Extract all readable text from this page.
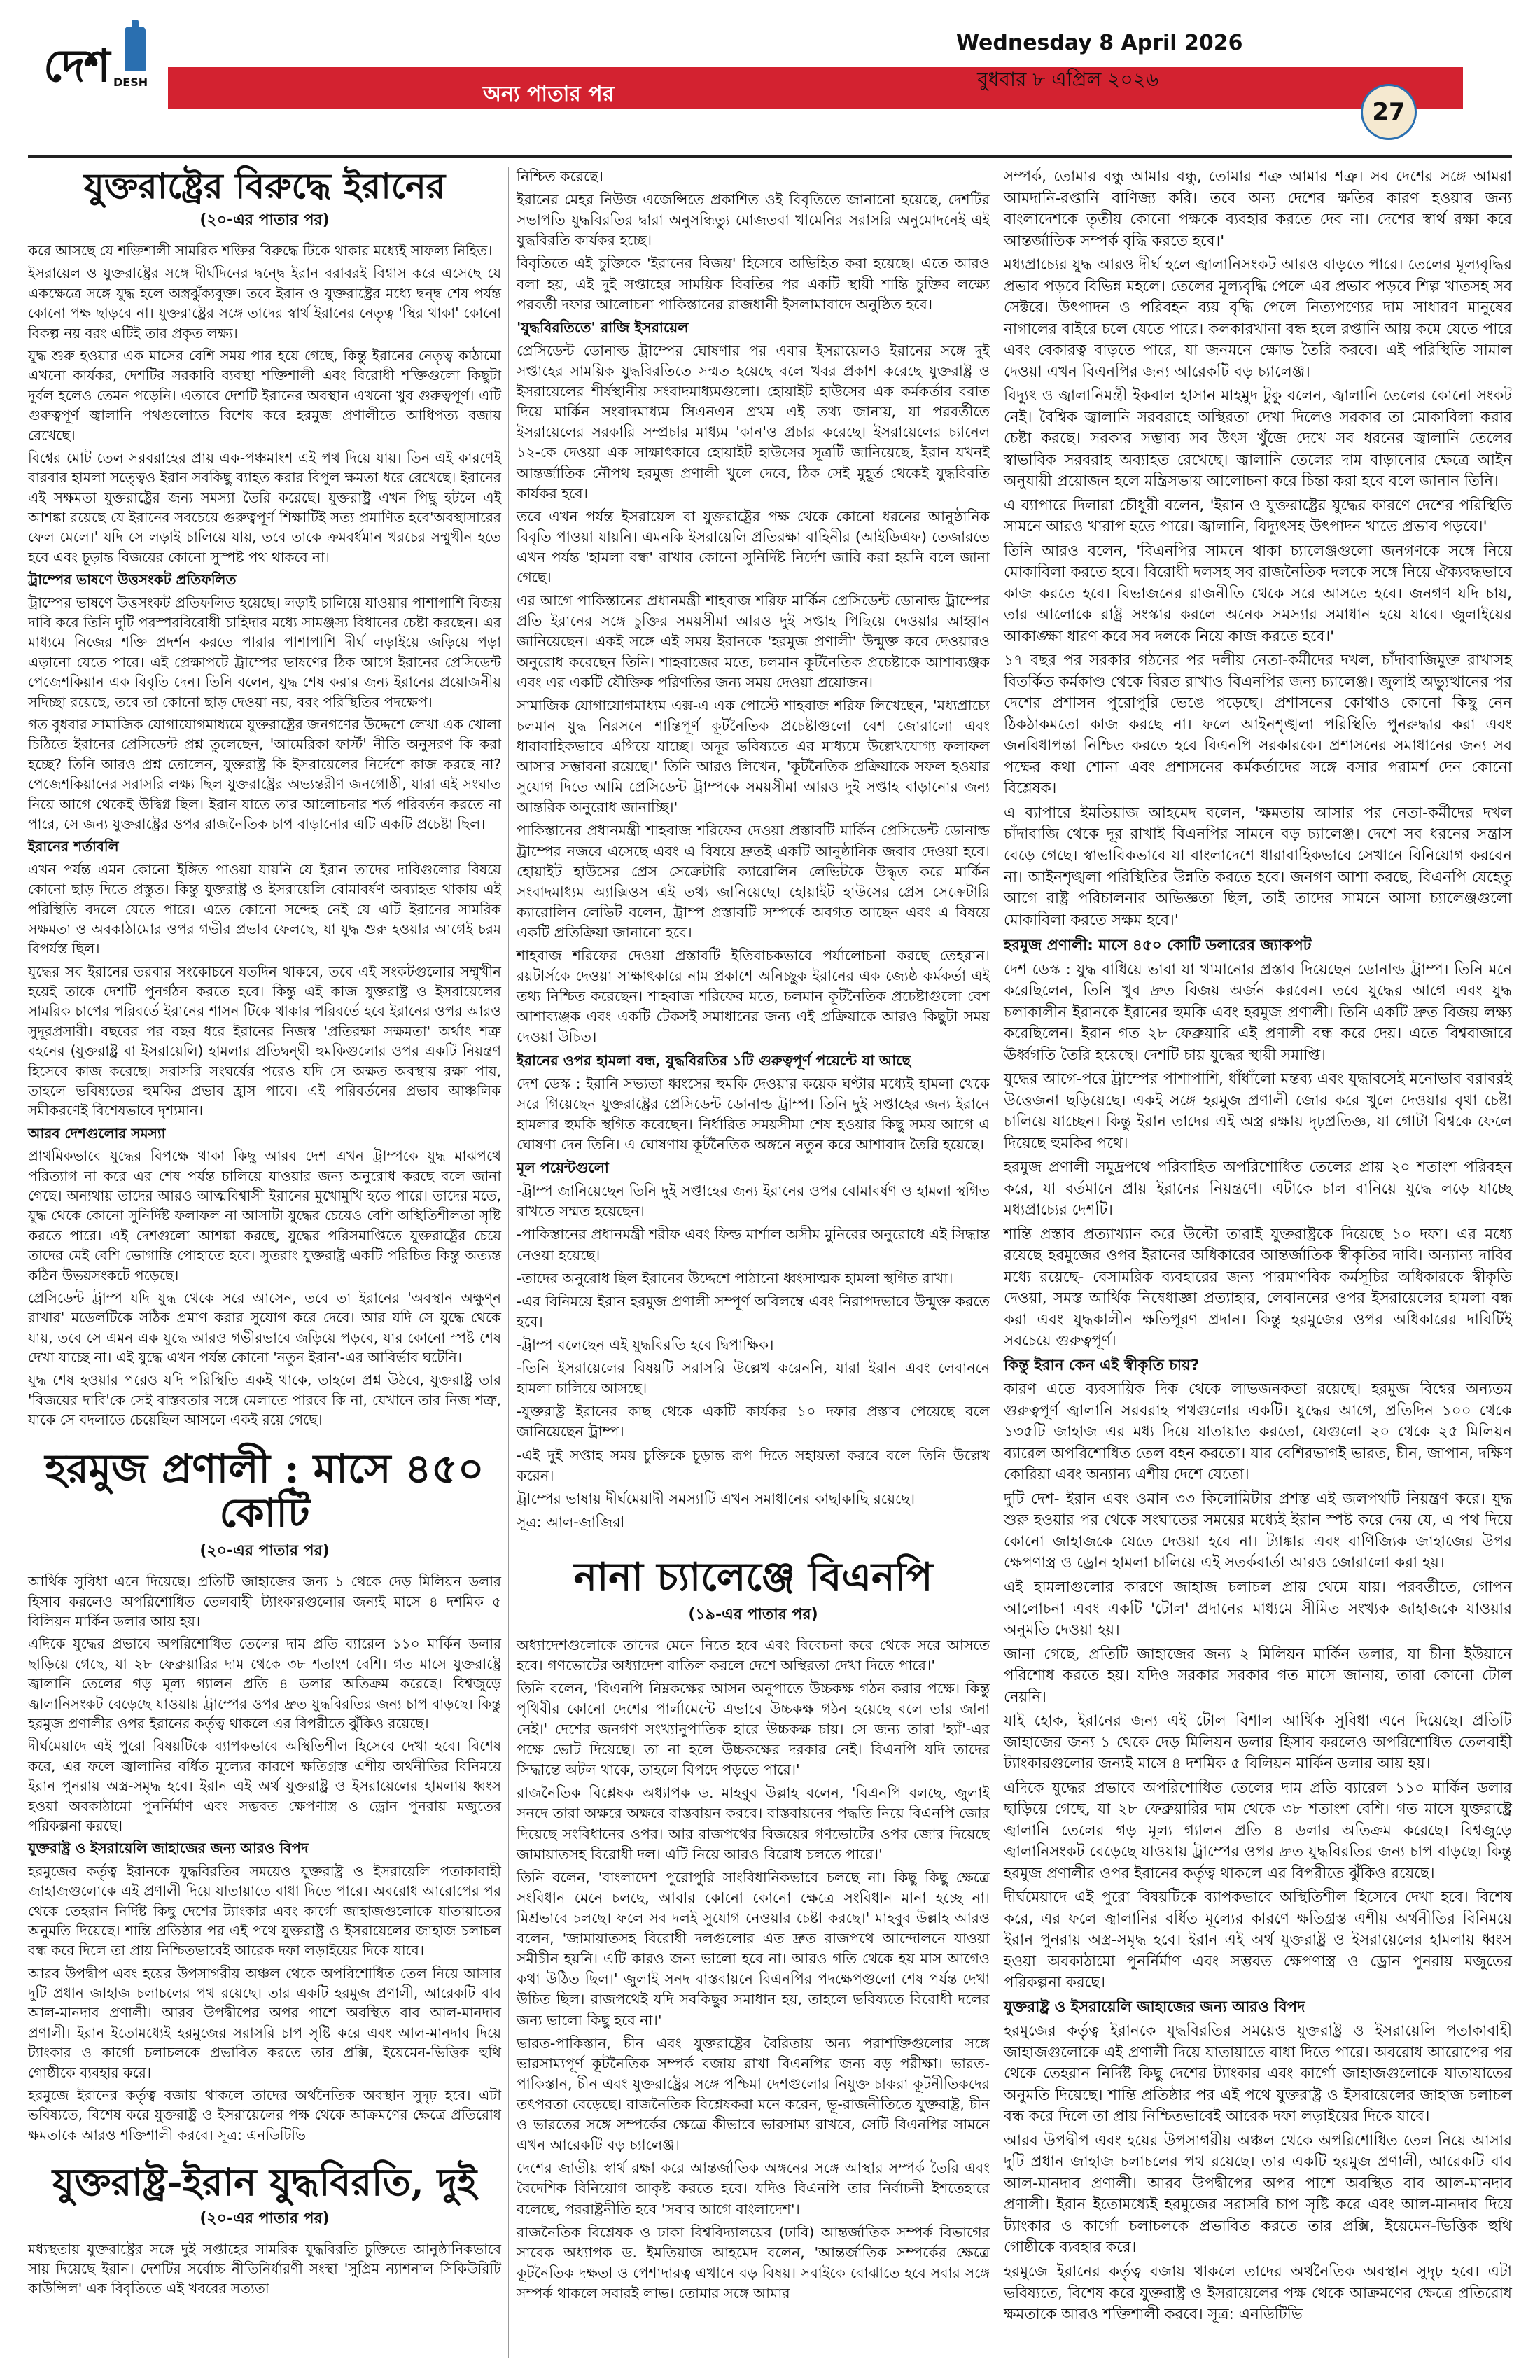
দেশ DESH	অন্য পাতার পর
Wednesday 8 April 2026
বুধবার ৮ এপ্রিল ২০২৬
27
যুক্তরাষ্ট্রের বিরুদ্ধে ইরানের
(২০-এর পাতার পর)

করে আসছে যে শক্তিশালী সামরিক শক্তির বিরুদ্ধে টিকে থাকার মধ্যেই সাফল্য নিহিত।

ইসরায়েল ও যুক্তরাষ্ট্রের সঙ্গে দীর্ঘদিনের দ্বন্দ্বে ইরান বরাবরই বিশ্বাস করে এসেছে যে একক্ষেত্রে সঙ্গে যুদ্ধ হলে অস্ত্রঝুঁক্যবুক্ত। তবে ইরান ও যুক্তরাষ্ট্রের মধ্যে দ্বন্দ্ব শেষ পর্যন্ত কোনো পক্ষ ছাড়বে না। যুক্তরাষ্ট্রের সঙ্গে তাদের স্বার্থ ইরানের নেতৃত্ব 'স্থির থাকা' কোনো বিকল্প নয় বরং এটিই তার প্রকৃত লক্ষ্য।

যুদ্ধ শুরু হওয়ার এক মাসের বেশি সময় পার হয়ে গেছে, কিন্তু ইরানের নেতৃত্ব কাঠামো এখনো কার্যকর, দেশটির সরকারি ব্যবস্থা শক্তিশালী এবং বিরোধী শক্তিগুলো কিছুটা দুর্বল হলেও তেমন পড়েনি। এতাবে দেশটি ইরানের অবস্থান এখনো খুব গুরুত্বপূর্ণ। এটি গুরুত্বপূর্ণ জ্বালানি পথগুলোতে বিশেষ করে হরমুজ প্রণালীতে আধিপত্য বজায় রেখেছে।

বিশ্বের মোট তেল সরবরাহের প্রায় এক-পঞ্চমাংশ এই পথ দিয়ে যায়। তিন এই কারণেই বারবার হামলা সত্ত্বেও ইরান সবকিছু ব্যাহত করার বিপুল ক্ষমতা ধরে রেখেছে। ইরানের এই সক্ষমতা যুক্তরাষ্ট্রের জন্য সমস্যা তৈরি করেছে। যুক্তরাষ্ট্র এখন পিছু হটলে এই আশঙ্কা রয়েছে যে ইরানের সবচেয়ে গুরুত্বপূর্ণ শিক্ষাটিই সত্য প্রমাণিত হবে'অবস্থাসারের ফেল মেলে।' যদি সে লড়াই চালিয়ে যায়, তবে তাকে ক্রমবর্ধমান খরচের সম্মুখীন হতে হবে এবং চূড়ান্ত বিজয়ের কোনো সুস্পষ্ট পথ থাকবে না।

ট্রাম্পের ভাষণে উত্তসংকট প্রতিফলিত

ট্রাম্পের ভাষণে উত্তসংকট প্রতিফলিত হয়েছে। লড়াই চালিয়ে যাওয়ার পাশাপাশি বিজয় দাবি করে তিনি দুটি পরস্পরবিরোধী চাহিদার মধ্যে সামঞ্জস্য বিধানের চেষ্টা করছেন। এর মাধ্যমে নিজের শক্তি প্রদর্শন করতে পারার পাশাপাশি দীর্ঘ লড়াইয়ে জড়িয়ে পড়া এড়ানো যেতে পারে। এই প্রেক্ষাপটে ট্রাম্পের ভাষণের ঠিক আগে ইরানের প্রেসিডেন্ট পেজেশকিয়ান এক বিবৃতি দেন। তিনি বলেন, যুদ্ধ শেষ করার জন্য ইরানের প্রয়োজনীয় সদিচ্ছা রয়েছে, তবে তা কোনো ছাড় দেওয়া নয়, বরং পরিস্থিতির পদক্ষেপ।

গত বুধবার সামাজিক যোগাযোগমাধ্যমে যুক্তরাষ্ট্রের জনগণের উদ্দেশে লেখা এক খোলা চিঠিতে ইরানের প্রেসিডেন্ট প্রশ্ন তুলেছেন, 'আমেরিকা ফার্স্ট' নীতি অনুসরণ কি করা হচ্ছে? তিনি আরও প্রশ্ন তোলেন, যুক্তরাষ্ট্র কি ইসরায়েলের নির্দেশে কাজ করছে না? পেজেশকিয়ানের সরাসরি লক্ষ্য ছিল যুক্তরাষ্ট্রের অভ্যন্তরীণ জনগোষ্ঠী, যারা এই সংঘাত নিয়ে আগে থেকেই উদ্বিগ্ন ছিল। ইরান যাতে তার আলোচনার শর্ত পরিবর্তন করতে না পারে, সে জন্য যুক্তরাষ্ট্রের ওপর রাজনৈতিক চাপ বাড়ানোর এটি একটি প্রচেষ্টা ছিল।

ইরানের শর্তাবলি

এখন পর্যন্ত এমন কোনো ইঙ্গিত পাওয়া যায়নি যে ইরান তাদের দাবিগুলোর বিষয়ে কোনো ছাড় দিতে প্রস্তুত। কিন্তু যুক্তরাষ্ট্র ও ইসরায়েলি বোমাবর্ষণ অব্যাহত থাকায় এই পরিস্থিতি বদলে যেতে পারে। এতে কোনো সন্দেহ নেই যে এটি ইরানের সামরিক সক্ষমতা ও অবকাঠামোর ওপর গভীর প্রভাব ফেলছে, যা যুদ্ধ শুরু হওয়ার আগেই চরম বিপর্যস্ত ছিল।

যুদ্ধের সব ইরানের তরবার সংকোচনে যতদিন থাকবে, তবে এই সংকটগুলোর সম্মুখীন হয়েই তাকে দেশটি পুনর্গঠন করতে হবে। কিন্তু এই কাজ যুক্তরাষ্ট্র ও ইসরায়েলের সামরিক চাপের পরিবর্তে ইরানের শাসন টিকে থাকার পরিবর্তে হবে ইরানের ওপর আরও সুদূরপ্রসারী। বছরের পর বছর ধরে ইরানের নিজস্ব 'প্রতিরক্ষা সক্ষমতা' অর্থাৎ শত্রু বহনের (যুক্তরাষ্ট্র বা ইসরায়েলি) হামলার প্রতিদ্বন্দ্বী হুমকিগুলোর ওপর একটি নিয়ন্ত্রণ হিসেবে কাজ করেছে। সরাসরি সংঘর্ষের পরেও যদি সে অক্ষত অবস্থায় রক্ষা পায়, তাহলে ভবিষ্যতের হুমকির প্রভাব হ্রাস পাবে। এই পরিবর্তনের প্রভাব আঞ্চলিক সমীকরণেই বিশেষভাবে দৃশ্যমান।

আরব দেশগুলোর সমস্যা

প্রাথমিকভাবে যুদ্ধের বিপক্ষে থাকা কিছু আরব দেশ এখন ট্রাম্পকে যুদ্ধ মাঝপথে পরিত্যাগ না করে এর শেষ পর্যন্ত চালিয়ে যাওয়ার জন্য অনুরোধ করছে বলে জানা গেছে। অন্যথায় তাদের আরও আত্মবিশ্বাসী ইরানের মুখোমুখি হতে পারে। তাদের মতে, যুদ্ধ থেকে কোনো সুনির্দিষ্ট ফলাফল না আসাটা যুদ্ধের চেয়েও বেশি অস্থিতিশীলতা সৃষ্টি করতে পারে। এই দেশগুলো আশঙ্কা করছে, যুদ্ধের পরিসমাপ্তিতে যুক্তরাষ্ট্রের চেয়ে তাদের মেই বেশি ভোগান্তি পোহাতে হবে। সুতরাং যুক্তরাষ্ট্র একটি পরিচিত কিন্তু অত্যন্ত কঠিন উভয়সংকটে পড়েছে।

প্রেসিডেন্ট ট্রাম্প যদি যুদ্ধ থেকে সরে আসেন, তবে তা ইরানের 'অবস্থান অক্ষুণ্ন রাখার' মডেলটিকে সঠিক প্রমাণ করার সুযোগ করে দেবে। আর যদি সে যুদ্ধে থেকে যায়, তবে সে এমন এক যুদ্ধে আরও গভীরভাবে জড়িয়ে পড়বে, যার কোনো স্পষ্ট শেষ দেখা যাচ্ছে না। এই যুদ্ধে এখন পর্যন্ত কোনো 'নতুন ইরান'-এর আবির্ভাব ঘটেনি।

যুদ্ধ শেষ হওয়ার পরেও যদি পরিস্থিতি একই থাকে, তাহলে প্রশ্ন উঠবে, যুক্তরাষ্ট্র তার 'বিজয়ের দাবি'কে সেই বাস্তবতার সঙ্গে মেলাতে পারবে কি না, যেখানে তার নিজ শত্রু, যাকে সে বদলাতে চেয়েছিল আসলে একই রয়ে গেছে।

হরমুজ প্রণালী : মাসে ৪৫০ কোটি
(২০-এর পাতার পর)

আর্থিক সুবিধা এনে দিয়েছে। প্রতিটি জাহাজের জন্য ১ থেকে দেড় মিলিয়ন ডলার হিসাব করলেও অপরিশোধিত তেলবাহী ট্যাংকারগুলোর জন্যই মাসে ৪ দশমিক ৫ বিলিয়ন মার্কিন ডলার আয় হয়।

এদিকে যুদ্ধের প্রভাবে অপরিশোধিত তেলের দাম প্রতি ব্যারেল ১১০ মার্কিন ডলার ছাড়িয়ে গেছে, যা ২৮ ফেব্রুয়ারির দাম থেকে ৩৮ শতাংশ বেশি। গত মাসে যুক্তরাষ্ট্রে জ্বালানি তেলের গড় মূল্য গ্যালন প্রতি ৪ ডলার অতিক্রম করেছে। বিশ্বজুড়ে জ্বালানিসংকট বেড়েছে যাওয়ায় ট্রাম্পের ওপর দ্রুত যুদ্ধবিরতির জন্য চাপ বাড়ছে। কিন্তু হরমুজ প্রণালীর ওপর ইরানের কর্তৃত্ব থাকলে এর বিপরীতে ঝুঁকিও রয়েছে।

দীর্ঘমেয়াদে এই পুরো বিষয়টিকে ব্যাপকভাবে অস্থিতিশীল হিসেবে দেখা হবে। বিশেষ করে, এর ফলে জ্বালানির বর্ধিত মূল্যের কারণে ক্ষতিগ্রস্ত এশীয় অর্থনীতির বিনিময়ে ইরান পুনরায় অস্ত্র-সমৃদ্ধ হবে। ইরান এই অর্থ যুক্তরাষ্ট্র ও ইসরায়েলের হামলায় ধ্বংস হওয়া অবকাঠামো পুনর্নির্মাণ এবং সম্ভবত ক্ষেপণাস্ত্র ও ড্রোন পুনরায় মজুতের পরিকল্পনা করছে।

যুক্তরাষ্ট্র ও ইসরায়েলি জাহাজের জন্য আরও বিপদ

হরমুজের কর্তৃত্ব ইরানকে যুদ্ধবিরতির সময়েও যুক্তরাষ্ট্র ও ইসরায়েলি পতাকাবাহী জাহাজগুলোকে এই প্রণালী দিয়ে যাতায়াতে বাধা দিতে পারে। অবরোধ আরোপের পর থেকে তেহরান নির্দিষ্ট কিছু দেশের ট্যাংকার এবং কার্গো জাহাজগুলোকে যাতায়াতের অনুমতি দিয়েছে। শান্তি প্রতিষ্ঠার পর এই পথে যুক্তরাষ্ট্র ও ইসরায়েলের জাহাজ চলাচল বন্ধ করে দিলে তা প্রায় নিশ্চিতভাবেই আরেক দফা লড়াইয়ের দিকে যাবে।

আরব উপদ্বীপ এবং হয়ের উপসাগরীয় অঞ্চল থেকে অপরিশোধিত তেল নিয়ে আসার দুটি প্রধান জাহাজ চলাচলের পথ রয়েছে। তার একটি হরমুজ প্রণালী, আরেকটি বাব আল-মানদাব প্রণালী। আরব উপদ্বীপের অপর পাশে অবস্থিত বাব আল-মানদাব প্রণালী। ইরান ইতোমধ্যেই হরমুজের সরাসরি চাপ সৃষ্টি করে এবং আল-মানদাব দিয়ে ট্যাংকার ও কার্গো চলাচলকে প্রভাবিত করতে তার প্রক্সি, ইয়েমেন-ভিত্তিক হুথি গোষ্ঠীকে ব্যবহার করে।

হরমুজে ইরানের কর্তৃত্ব বজায় থাকলে তাদের অর্থনৈতিক অবস্থান সুদৃঢ় হবে। এটা ভবিষ্যতে, বিশেষ করে যুক্তরাষ্ট্র ও ইসরায়েলের পক্ষ থেকে আক্রমণের ক্ষেত্রে প্রতিরোধ ক্ষমতাকে আরও শক্তিশালী করবে। সূত্র: এনডিটিভি

যুক্তরাষ্ট্র-ইরান যুদ্ধবিরতি, দুই
(২০-এর পাতার পর)

মধ্যস্থতায় যুক্তরাষ্ট্রের সঙ্গে দুই সপ্তাহের সামরিক যুদ্ধবিরতি চুক্তিতে আনুষ্ঠানিকভাবে সায় দিয়েছে ইরান। দেশটির সর্বোচ্চ নীতিনির্ধারণী সংস্থা 'সুপ্রিম ন্যাশনাল সিকিউরিটি কাউন্সিল' এক বিবৃতিতে এই খবরের সত্যতা

নিশ্চিত করেছে।

ইরানের মেহর নিউজ এজেন্সিতে প্রকাশিত ওই বিবৃতিতে জানানো হয়েছে, দেশটির সভাপতি যুদ্ধবিরতির দ্বারা অনুসন্ধিত্যু মোজতবা খামেনির সরাসরি অনুমোদনেই এই যুদ্ধবিরতি কার্যকর হচ্ছে।

বিবৃতিতে এই চুক্তিকে 'ইরানের বিজয়' হিসেবে অভিহিত করা হয়েছে। এতে আরও বলা হয়, এই দুই সপ্তাহের সাময়িক বিরতির পর একটি স্থায়ী শান্তি চুক্তির লক্ষ্যে পরবর্তী দফার আলোচনা পাকিস্তানের রাজধানী ইসলামাবাদে অনুষ্ঠিত হবে।

'যুদ্ধবিরতিতে' রাজি ইসরায়েল

প্রেসিডেন্ট ডোনাল্ড ট্রাম্পের ঘোষণার পর এবার ইসরায়েলও ইরানের সঙ্গে দুই সপ্তাহের সাময়িক যুদ্ধবিরতিতে সম্মত হয়েছে বলে খবর প্রকাশ করেছে যুক্তরাষ্ট্র ও ইসরায়েলের শীর্ষস্থানীয় সংবাদমাধ্যমগুলো। হোয়াইট হাউসের এক কর্মকর্তার বরাত দিয়ে মার্কিন সংবাদমাধ্যম সিএনএন প্রথম এই তথ্য জানায়, যা পরবর্তীতে ইসরায়েলের সরকারি সম্প্রচার মাধ্যম 'কান'ও প্রচার করেছে। ইসরায়েলের চ্যানেল ১২-কে দেওয়া এক সাক্ষাৎকারে হোয়াইট হাউসের সূত্রটি জানিয়েছে, ইরান যখনই আন্তর্জাতিক নৌপথ হরমুজ প্রণালী খুলে দেবে, ঠিক সেই মুহূর্ত থেকেই যুদ্ধবিরতি কার্যকর হবে।

তবে এখন পর্যন্ত ইসরায়েল বা যুক্তরাষ্ট্রের পক্ষ থেকে কোনো ধরনের আনুষ্ঠানিক বিবৃতি পাওয়া যায়নি। এমনকি ইসরায়েলি প্রতিরক্ষা বাহিনীর (আইডিএফ) তেজারতে এখন পর্যন্ত 'হামলা বন্ধ' রাখার কোনো সুনির্দিষ্ট নির্দেশ জারি করা হয়নি বলে জানা গেছে।

এর আগে পাকিস্তানের প্রধানমন্ত্রী শাহবাজ শরিফ মার্কিন প্রেসিডেন্ট ডোনাল্ড ট্রাম্পের প্রতি ইরানের সঙ্গে চুক্তির সময়সীমা আরও দুই সপ্তাহ পিছিয়ে দেওয়ার আহ্বান জানিয়েছেন। একই সঙ্গে এই সময় ইরানকে 'হরমুজ প্রণালী' উন্মুক্ত করে দেওয়ারও অনুরোধ করেছেন তিনি। শাহবাজের মতে, চলমান কূটনৈতিক প্রচেষ্টাকে আশাব্যঞ্জক এবং এর একটি যৌক্তিক পরিণতির জন্য সময় দেওয়া প্রয়োজন।

সামাজিক যোগাযোগমাধ্যম এক্স-এ এক পোস্টে শাহবাজ শরিফ লিখেছেন, 'মধ্যপ্রাচ্যে চলমান যুদ্ধ নিরসনে শান্তিপূর্ণ কূটনৈতিক প্রচেষ্টাগুলো বেশ জোরালো এবং ধারাবাহিকভাবে এগিয়ে যাচ্ছে। অদূর ভবিষ্যতে এর মাধ্যমে উল্লেখযোগ্য ফলাফল আসার সম্ভাবনা রয়েছে।' তিনি আরও লিখেন, 'কূটনৈতিক প্রক্রিয়াকে সফল হওয়ার সুযোগ দিতে আমি প্রেসিডেন্ট ট্রাম্পকে সময়সীমা আরও দুই সপ্তাহ বাড়ানোর জন্য আন্তরিক অনুরোধ জানাচ্ছি।'

পাকিস্তানের প্রধানমন্ত্রী শাহবাজ শরিফের দেওয়া প্রস্তাবটি মার্কিন প্রেসিডেন্ট ডোনাল্ড ট্রাম্পের নজরে এসেছে এবং এ বিষয়ে দ্রুতই একটি আনুষ্ঠানিক জবাব দেওয়া হবে। হোয়াইট হাউসের প্রেস সেক্রেটারি ক্যারোলিন লেভিটকে উদ্ধৃত করে মার্কিন সংবাদমাধ্যম অ্যাক্সিওস এই তথ্য জানিয়েছে। হোয়াইট হাউসের প্রেস সেক্রেটারি ক্যারোলিন লেভিট বলেন, ট্রাম্প প্রস্তাবটি সম্পর্কে অবগত আছেন এবং এ বিষয়ে একটি প্রতিক্রিয়া জানানো হবে।

শাহবাজ শরিফের দেওয়া প্রস্তাবটি ইতিবাচকভাবে পর্যালোচনা করছে তেহরান। রয়টার্সকে দেওয়া সাক্ষাৎকারে নাম প্রকাশে অনিচ্ছুক ইরানের এক জ্যেষ্ঠ কর্মকর্তা এই তথ্য নিশ্চিত করেছেন। শাহবাজ শরিফের মতে, চলমান কূটনৈতিক প্রচেষ্টাগুলো বেশ আশাব্যঞ্জক এবং একটি টেকসই সমাধানের জন্য এই প্রক্রিয়াকে আরও কিছুটা সময় দেওয়া উচিত।

ইরানের ওপর হামলা বন্ধ, যুদ্ধবিরতির ১টি গুরুত্বপূর্ণ পয়েন্টে যা আছে

দেশ ডেস্ক : ইরানি সভ্যতা ধ্বংসের হুমকি দেওয়ার কয়েক ঘণ্টার মধ্যেই হামলা থেকে সরে গিয়েছেন যুক্তরাষ্ট্রের প্রেসিডেন্ট ডোনাল্ড ট্রাম্প। তিনি দুই সপ্তাহের জন্য ইরানে হামলার হুমকি স্থগিত করেছেন। নির্ধারিত সময়সীমা শেষ হওয়ার কিছু সময় আগে এ ঘোষণা দেন তিনি। এ ঘোষণায় কূটনৈতিক অঙ্গনে নতুন করে আশাবাদ তৈরি হয়েছে।

মূল পয়েন্টগুলো

-ট্রাম্প জানিয়েছেন তিনি দুই সপ্তাহের জন্য ইরানের ওপর বোমাবর্ষণ ও হামলা স্থগিত রাখতে সম্মত হয়েছেন।

-পাকিস্তানের প্রধানমন্ত্রী শরীফ এবং ফিল্ড মার্শাল অসীম মুনিরের অনুরোধে এই সিদ্ধান্ত নেওয়া হয়েছে।

-তাদের অনুরোধ ছিল ইরানের উদ্দেশে পাঠানো ধ্বংসাত্মক হামলা স্থগিত রাখা।

-এর বিনিময়ে ইরান হরমুজ প্রণালী সম্পূর্ণ অবিলম্বে এবং নিরাপদভাবে উন্মুক্ত করতে হবে।

-ট্রাম্প বলেছেন এই যুদ্ধবিরতি হবে দ্বিপাক্ষিক।

-তিনি ইসরায়েলের বিষয়টি সরাসরি উল্লেখ করেননি, যারা ইরান এবং লেবাননে হামলা চালিয়ে আসছে।

-যুক্তরাষ্ট্র ইরানের কাছ থেকে একটি কার্যকর ১০ দফার প্রস্তাব পেয়েছে বলে জানিয়েছেন ট্রাম্প।

-এই দুই সপ্তাহ সময় চুক্তিকে চূড়ান্ত রূপ দিতে সহায়তা করবে বলে তিনি উল্লেখ করেন।

ট্রাম্পের ভাষায় দীর্ঘমেয়াদী সমস্যাটি এখন সমাধানের কাছাকাছি রয়েছে।

সূত্র: আল-জাজিরা

নানা চ্যালেঞ্জে বিএনপি
(১৯-এর পাতার পর)

অধ্যাদেশগুলোকে তাদের মেনে নিতে হবে এবং বিবেচনা করে থেকে সরে আসতে হবে। গণভোটের অধ্যাদেশ বাতিল করলে দেশে অস্থিরতা দেখা দিতে পারে।'

তিনি বলেন, 'বিএনপি নিম্নকক্ষের আসন অনুপাতে উচ্চকক্ষ গঠন করার পক্ষে। কিন্তু পৃথিবীর কোনো দেশের পার্লামেন্টে এভাবে উচ্চকক্ষ গঠন হয়েছে বলে তার জানা নেই।' দেশের জনগণ সংখ্যানুপাতিক হারে উচ্চকক্ষ চায়। সে জন্য তারা 'হ্যাঁ'-এর পক্ষে ভোট দিয়েছে। তা না হলে উচ্চকক্ষের দরকার নেই। বিএনপি যদি তাদের সিদ্ধান্তে অটল থাকে, তাহলে বিপদে পড়তে পারে।'

রাজনৈতিক বিশ্লেষক অধ্যাপক ড. মাহবুব উল্লাহ বলেন, 'বিএনপি বলছে, জুলাই সনদে তারা অক্ষরে অক্ষরে বাস্তবায়ন করবে। বাস্তবায়নের পদ্ধতি নিয়ে বিএনপি জোর দিয়েছে সংবিধানের ওপর। আর রাজপথের বিজয়ের গণভোটের ওপর জোর দিয়েছে জামায়াতসহ বিরোধী দল। এটি নিয়ে আরও বিরোধ চলতে পারে।'

তিনি বলেন, 'বাংলাদেশ পুরোপুরি সাংবিধানিকভাবে চলছে না। কিছু কিছু ক্ষেত্রে সংবিধান মেনে চলছে, আবার কোনো কোনো ক্ষেত্রে সংবিধান মানা হচ্ছে না। মিশ্রভাবে চলছে। ফলে সব দলই সুযোগ নেওয়ার চেষ্টা করছে।' মাহবুব উল্লাহ আরও বলেন, 'জামায়াতসহ বিরোধী দলগুলোর এত দ্রুত রাজপথে আন্দোলনে যাওয়া সমীচীন হয়নি। এটি কারও জন্য ভালো হবে না। আরও গতি থেকে হয় মাস আগেও কথা উঠিত ছিল।' জুলাই সনদ বাস্তবায়নে বিএনপির পদক্ষেপগুলো শেষ পর্যন্ত দেখা উচিত ছিল। রাজপথেই যদি সবকিছুর সমাধান হয়, তাহলে ভবিষ্যতে বিরোধী দলের জন্য ভালো কিছু হবে না।'

ভারত-পাকিস্তান, চীন এবং যুক্তরাষ্ট্রের বৈরিতায় অন্য পরাশক্তিগুলোর সঙ্গে ভারসাম্যপূর্ণ কূটনৈতিক সম্পর্ক বজায় রাখা বিএনপির জন্য বড় পরীক্ষা। ভারত-পাকিস্তান, চীন এবং যুক্তরাষ্ট্রের সঙ্গে পশ্চিমা দেশগুলোর নিযুক্ত চাকরা কূটনীতিকদের তৎপরতা বেড়েছে। রাজনৈতিক বিশ্লেষকরা মনে করেন, ভূ-রাজনীতিতে যুক্তরাষ্ট্র, চীন ও ভারতের সঙ্গে সম্পর্কের ক্ষেত্রে কীভাবে ভারসাম্য রাখবে, সেটি বিএনপির সামনে এখন আরেকটি বড় চ্যালেঞ্জ।

দেশের জাতীয় স্বার্থ রক্ষা করে আন্তর্জাতিক অঙ্গনের সঙ্গে আস্থার সম্পর্ক তৈরি এবং বৈদেশিক বিনিয়োগ আকৃষ্ট করতে হবে। যদিও বিএনপি তার নির্বাচনী ইশতেহারে বলেছে, পররাষ্ট্রনীতি হবে 'সবার আগে বাংলাদেশ'।

রাজনৈতিক বিশ্লেষক ও ঢাকা বিশ্ববিদ্যালয়ের (ঢাবি) আন্তর্জাতিক সম্পর্ক বিভাগের সাবেক অধ্যাপক ড. ইমতিয়াজ আহমেদ বলেন, 'আন্তর্জাতিক সম্পর্কের ক্ষেত্রে কূটনৈতিক দক্ষতা ও পেশাদারত্ব এখানে বড় বিষয়। সবাইকে বোঝাতে হবে সবার সঙ্গে সম্পর্ক থাকলে সবারই লাভ। তোমার সঙ্গে আমার

সম্পর্ক, তোমার বন্ধু আমার বন্ধু, তোমার শত্রু আমার শত্রু। সব দেশের সঙ্গে আমরা আমদানি-রপ্তানি বাণিজ্য করি। তবে অন্য দেশের ক্ষতির কারণ হওয়ার জন্য বাংলাদেশকে তৃতীয় কোনো পক্ষকে ব্যবহার করতে দেব না। দেশের স্বার্থ রক্ষা করে আন্তর্জাতিক সম্পর্ক বৃদ্ধি করতে হবে।'

মধ্যপ্রাচ্যের যুদ্ধ আরও দীর্ঘ হলে জ্বালানিসংকট আরও বাড়তে পারে। তেলের মূল্যবৃদ্ধির প্রভাব পড়বে বিভিন্ন মহলে। তেলের মূল্যবৃদ্ধি পেলে এর প্রভাব পড়বে শিল্প খাতসহ সব সেক্টরে। উৎপাদন ও পরিবহন ব্যয় বৃদ্ধি পেলে নিত্যপণ্যের দাম সাধারণ মানুষের নাগালের বাইরে চলে যেতে পারে। কলকারখানা বন্ধ হলে রপ্তানি আয় কমে যেতে পারে এবং বেকারত্ব বাড়তে পারে, যা জনমনে ক্ষোভ তৈরি করবে। এই পরিস্থিতি সামাল দেওয়া এখন বিএনপির জন্য আরেকটি বড় চ্যালেঞ্জ।

বিদ্যুৎ ও জ্বালানিমন্ত্রী ইকবাল হাসান মাহমুদ টুকু বলেন, জ্বালানি তেলের কোনো সংকট নেই। বৈশ্বিক জ্বালানি সরবরাহে অস্থিরতা দেখা দিলেও সরকার তা মোকাবিলা করার চেষ্টা করছে। সরকার সম্ভাব্য সব উৎস খুঁজে দেখে সব ধরনের জ্বালানি তেলের স্বাভাবিক সরবরাহ অব্যাহত রেখেছে। জ্বালানি তেলের দাম বাড়ানোর ক্ষেত্রে আইন অনুযায়ী প্রয়োজন হলে মন্ত্রিসভায় আলোচনা করে চিন্তা করা হবে বলে জানান তিনি।

এ ব্যাপারে দিলারা চৌধুরী বলেন, 'ইরান ও যুক্তরাষ্ট্রের যুদ্ধের কারণে দেশের পরিস্থিতি সামনে আরও খারাপ হতে পারে। জ্বালানি, বিদ্যুৎসহ উৎপাদন খাতে প্রভাব পড়বে।'

তিনি আরও বলেন, 'বিএনপির সামনে থাকা চ্যালেঞ্জগুলো জনগণকে সঙ্গে নিয়ে মোকাবিলা করতে হবে। বিরোধী দলসহ সব রাজনৈতিক দলকে সঙ্গে নিয়ে ঐক্যবদ্ধভাবে কাজ করতে হবে। বিভাজনের রাজনীতি থেকে সরে আসতে হবে। জনগণ যদি চায়, তার আলোকে রাষ্ট্র সংস্কার করলে অনেক সমস্যার সমাধান হয়ে যাবে। জুলাইয়ের আকাঙ্ক্ষা ধারণ করে সব দলকে নিয়ে কাজ করতে হবে।'

১৭ বছর পর সরকার গঠনের পর দলীয় নেতা-কর্মীদের দখল, চাঁদাবাজিমুক্ত রাখাসহ বিতর্কিত কর্মকাণ্ড থেকে বিরত রাখাও বিএনপির জন্য চ্যালেঞ্জ। জুলাই অভ্যুত্থানের পর দেশের প্রশাসন পুরোপুরি ভেঙে পড়েছে। প্রশাসনের কোথাও কোনো কিছু নেন ঠিকঠাকমতো কাজ করছে না। ফলে আইনশৃঙ্খলা পরিস্থিতি পুনরুদ্ধার করা এবং জনবিধাপন্তা নিশ্চিত করতে হবে বিএনপি সরকারকে। প্রশাসনের সমাধানের জন্য সব পক্ষের কথা শোনা এবং প্রশাসনের কর্মকর্তাদের সঙ্গে বসার পরামর্শ দেন কোনো বিশ্লেষক।

এ ব্যাপারে ইমতিয়াজ আহমেদ বলেন, 'ক্ষমতায় আসার পর নেতা-কর্মীদের দখল চাঁদাবাজি থেকে দূর রাখাই বিএনপির সামনে বড় চ্যালেঞ্জ। দেশে সব ধরনের সন্ত্রাস বেড়ে গেছে। স্বাভাবিকভাবে যা বাংলাদেশে ধারাবাহিকভাবে সেখানে বিনিয়োগ করবেন না। আইনশৃঙ্খলা পরিস্থিতির উন্নতি করতে হবে। জনগণ আশা করছে, বিএনপি যেহেতু আগে রাষ্ট্র পরিচালনার অভিজ্ঞতা ছিল, তাই তাদের সামনে আসা চ্যালেঞ্জগুলো মোকাবিলা করতে সক্ষম হবে।'

হরমুজ প্রণালী: মাসে ৪৫০ কোটি ডলারের জ্যাকপট

দেশ ডেস্ক : যুদ্ধ বাধিয়ে ভাবা যা থামানোর প্রস্তাব দিয়েছেন ডোনাল্ড ট্রাম্প। তিনি মনে করেছিলেন, তিনি খুব দ্রুত বিজয় অর্জন করবেন। তবে যুদ্ধের আগে এবং যুদ্ধ চলাকালীন ইরানকে ইরানের হুমকি এবং হরমুজ প্রণালী। তিনি একটি দ্রুত বিজয় লক্ষ্য করেছিলেন। ইরান গত ২৮ ফেব্রুয়ারি এই প্রণালী বন্ধ করে দেয়। এতে বিশ্ববাজারে ঊর্ধ্বগতি তৈরি হয়েছে। দেশটি চায় যুদ্ধের স্থায়ী সমাপ্তি।

যুদ্ধের আগে-পরে ট্রাম্পের পাশাপাশি, ধাঁধাঁলো মন্তব্য এবং যুদ্ধাবসেই মনোভাব বরাবরই উত্তেজনা ছড়িয়েছে। একই সঙ্গে হরমুজ প্রণালী জোর করে খুলে দেওয়ার বৃথা চেষ্টা চালিয়ে যাচ্ছেন। কিন্তু ইরান তাদের এই অস্ত্র রক্ষায় দৃঢ়প্রতিজ্ঞ, যা গোটা বিশ্বকে ফেলে দিয়েছে হুমকির পথে।

হরমুজ প্রণালী সমুদ্রপথে পরিবাহিত অপরিশোধিত তেলের প্রায় ২০ শতাংশ পরিবহন করে, যা বর্তমানে প্রায় ইরানের নিয়ন্ত্রণে। এটাকে চাল বানিয়ে যুদ্ধে লড়ে যাচ্ছে মধ্যপ্রাচ্যের দেশটি।

শান্তি প্রস্তাব প্রত্যাখ্যান করে উল্টো তারাই যুক্তরাষ্ট্রকে দিয়েছে ১০ দফা। এর মধ্যে রয়েছে হরমুজের ওপর ইরানের অধিকারের আন্তর্জাতিক স্বীকৃতির দাবি। অন্যান্য দাবির মধ্যে রয়েছে- বেসামরিক ব্যবহারের জন্য পারমাণবিক কর্মসূচির অধিকারকে স্বীকৃতি দেওয়া, সমস্ত আর্থিক নিষেধাজ্ঞা প্রত্যাহার, লেবাননের ওপর ইসরায়েলের হামলা বন্ধ করা এবং যুদ্ধকালীন ক্ষতিপূরণ প্রদান। কিন্তু হরমুজের ওপর অধিকারের দাবিটিই সবচেয়ে গুরুত্বপূর্ণ।

কিন্তু ইরান কেন এই স্বীকৃতি চায়?

কারণ এতে ব্যবসায়িক দিক থেকে লাভজনকতা রয়েছে। হরমুজ বিশ্বের অন্যতম গুরুত্বপূর্ণ জ্বালানি সরবরাহ পথগুলোর একটি। যুদ্ধের আগে, প্রতিদিন ১০০ থেকে ১৩৫টি জাহাজ এর মধ্য দিয়ে যাতায়াত করতো, যেগুলো ২০ থেকে ২৫ মিলিয়ন ব্যারেল অপরিশোধিত তেল বহন করতো। যার বেশিরভাগই ভারত, চীন, জাপান, দক্ষিণ কোরিয়া এবং অন্যান্য এশীয় দেশে যেতো।

দুটি দেশ- ইরান এবং ওমান ৩৩ কিলোমিটার প্রশস্ত এই জলপথটি নিয়ন্ত্রণ করে। যুদ্ধ শুরু হওয়ার পর থেকে সংঘাতের সময়ের মধ্যেই ইরান স্পষ্ট করে দেয় যে, এ পথ দিয়ে কোনো জাহাজকে যেতে দেওয়া হবে না। ট্যাঙ্কার এবং বাণিজ্যিক জাহাজের উপর ক্ষেপণাস্ত্র ও ড্রোন হামলা চালিয়ে এই সতর্কবার্তা আরও জোরালো করা হয়।

এই হামলাগুলোর কারণে জাহাজ চলাচল প্রায় থেমে যায়। পরবর্তীতে, গোপন আলোচনা এবং একটি 'টোল' প্রদানের মাধ্যমে সীমিত সংখ্যক জাহাজকে যাওয়ার অনুমতি দেওয়া হয়।

জানা গেছে, প্রতিটি জাহাজের জন্য ২ মিলিয়ন মার্কিন ডলার, যা চীনা ইউয়ানে পরিশোধ করতে হয়। যদিও সরকার সরকার গত মাসে জানায়, তারা কোনো টোল নেয়নি।

যাই হোক, ইরানের জন্য এই টোল বিশাল আর্থিক সুবিধা এনে দিয়েছে। প্রতিটি জাহাজের জন্য ১ থেকে দেড় মিলিয়ন ডলার হিসাব করলেও অপরিশোধিত তেলবাহী ট্যাংকারগুলোর জন্যই মাসে ৪ দশমিক ৫ বিলিয়ন মার্কিন ডলার আয় হয়।

এদিকে যুদ্ধের প্রভাবে অপরিশোধিত তেলের দাম প্রতি ব্যারেল ১১০ মার্কিন ডলার ছাড়িয়ে গেছে, যা ২৮ ফেব্রুয়ারির দাম থেকে ৩৮ শতাংশ বেশি। গত মাসে যুক্তরাষ্ট্রে জ্বালানি তেলের গড় মূল্য গ্যালন প্রতি ৪ ডলার অতিক্রম করেছে। বিশ্বজুড়ে জ্বালানিসংকট বেড়েছে যাওয়ায় ট্রাম্পের ওপর দ্রুত যুদ্ধবিরতির জন্য চাপ বাড়ছে। কিন্তু হরমুজ প্রণালীর ওপর ইরানের কর্তৃত্ব থাকলে এর বিপরীতে ঝুঁকিও রয়েছে।

দীর্ঘমেয়াদে এই পুরো বিষয়টিকে ব্যাপকভাবে অস্থিতিশীল হিসেবে দেখা হবে। বিশেষ করে, এর ফলে জ্বালানির বর্ধিত মূল্যের কারণে ক্ষতিগ্রস্ত এশীয় অর্থনীতির বিনিময়ে ইরান পুনরায় অস্ত্র-সমৃদ্ধ হবে। ইরান এই অর্থ যুক্তরাষ্ট্র ও ইসরায়েলের হামলায় ধ্বংস হওয়া অবকাঠামো পুনর্নির্মাণ এবং সম্ভবত ক্ষেপণাস্ত্র ও ড্রোন পুনরায় মজুতের পরিকল্পনা করছে।

যুক্তরাষ্ট্র ও ইসরায়েলি জাহাজের জন্য আরও বিপদ

হরমুজের কর্তৃত্ব ইরানকে যুদ্ধবিরতির সময়েও যুক্তরাষ্ট্র ও ইসরায়েলি পতাকাবাহী জাহাজগুলোকে এই প্রণালী দিয়ে যাতায়াতে বাধা দিতে পারে। অবরোধ আরোপের পর থেকে তেহরান নির্দিষ্ট কিছু দেশের ট্যাংকার এবং কার্গো জাহাজগুলোকে যাতায়াতের অনুমতি দিয়েছে। শান্তি প্রতিষ্ঠার পর এই পথে যুক্তরাষ্ট্র ও ইসরায়েলের জাহাজ চলাচল বন্ধ করে দিলে তা প্রায় নিশ্চিতভাবেই আরেক দফা লড়াইয়ের দিকে যাবে।

আরব উপদ্বীপ এবং হয়ের উপসাগরীয় অঞ্চল থেকে অপরিশোধিত তেল নিয়ে আসার দুটি প্রধান জাহাজ চলাচলের পথ রয়েছে। তার একটি হরমুজ প্রণালী, আরেকটি বাব আল-মানদাব প্রণালী। আরব উপদ্বীপের অপর পাশে অবস্থিত বাব আল-মানদাব প্রণালী। ইরান ইতোমধ্যেই হরমুজের সরাসরি চাপ সৃষ্টি করে এবং আল-মানদাব দিয়ে ট্যাংকার ও কার্গো চলাচলকে প্রভাবিত করতে তার প্রক্সি, ইয়েমেন-ভিত্তিক হুথি গোষ্ঠীকে ব্যবহার করে।

হরমুজে ইরানের কর্তৃত্ব বজায় থাকলে তাদের অর্থনৈতিক অবস্থান সুদৃঢ় হবে। এটা ভবিষ্যতে, বিশেষ করে যুক্তরাষ্ট্র ও ইসরায়েলের পক্ষ থেকে আক্রমণের ক্ষেত্রে প্রতিরোধ ক্ষমতাকে আরও শক্তিশালী করবে। সূত্র: এনডিটিভি
